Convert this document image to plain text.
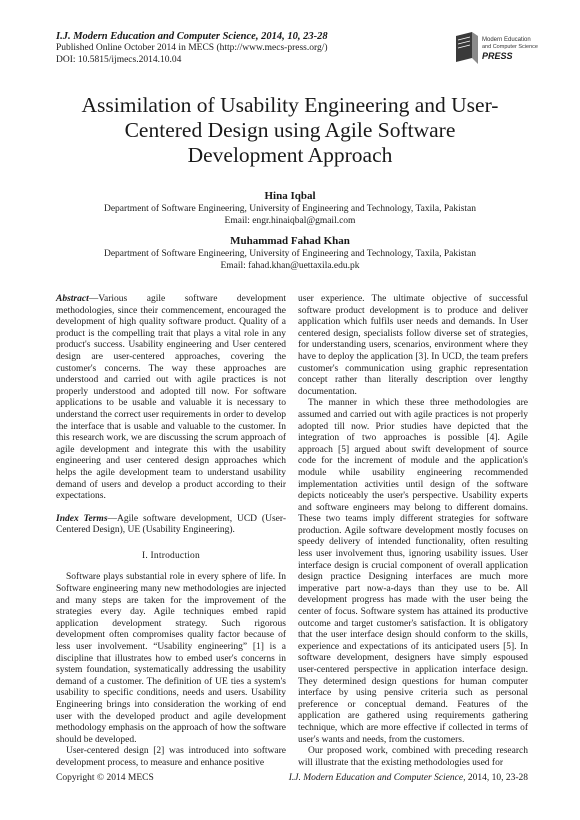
I.J. Modern Education and Computer Science, 2014, 10, 23-28
Published Online October 2014 in MECS (http://www.mecs-press.org/)
DOI: 10.5815/ijmecs.2014.10.04
Modern Education
and Computer Science
PRESS
Assimilation of Usability Engineering and User-
Centered Design using Agile Software
Development Approach
Hina Iqbal
Department of Software Engineering, University of Engineering and Technology, Taxila, Pakistan
Email: engr.hinaiqbal@gmail.com
Muhammad Fahad Khan
Department of Software Engineering, University of Engineering and Technology, Taxila, Pakistan
Email: fahad.khan@uettaxila.edu.pk

Abstract—Various agile software development methodologies, since their commencement, encouraged the development of high quality software product. Quality of a product is the compelling trait that plays a vital role in any product's success. Usability engineering and User centered design are user-centered approaches, covering the customer's concerns. The way these approaches are understood and carried out with agile practices is not properly understood and adopted till now. For software applications to be usable and valuable it is necessary to understand the correct user requirements in order to develop the interface that is usable and valuable to the customer. In this research work, we are discussing the scrum approach of agile development and integrate this with the usability engineering and user centered design approaches which helps the agile development team to understand usability demand of users and develop a product according to their expectations.

Index Terms—Agile software development, UCD (User-Centered Design), UE (Usability Engineering).

I. Introduction

Software plays substantial role in every sphere of life. In Software engineering many new methodologies are injected and many steps are taken for the improvement of the strategies every day. Agile techniques embed rapid application development strategy. Such rigorous development often compromises quality factor because of less user involvement. “Usability engineering” [1] is a discipline that illustrates how to embed user's concerns in system foundation, systematically addressing the usability demand of a customer. The definition of UE ties a system's usability to specific conditions, needs and users. Usability Engineering brings into consideration the working of end user with the developed product and agile development methodology emphasis on the approach of how the software should be developed.

User-centered design [2] was introduced into software development process, to measure and enhance positive

user experience. The ultimate objective of successful software product development is to produce and deliver application which fulfils user needs and demands. In User centered design, specialists follow diverse set of strategies, for understanding users, scenarios, environment where they have to deploy the application [3]. In UCD, the team prefers customer's communication using graphic representation concept rather than literally description over lengthy documentation.

The manner in which these three methodologies are assumed and carried out with agile practices is not properly adopted till now. Prior studies have depicted that the integration of two approaches is possible [4]. Agile approach [5] argued about swift development of source code for the increment of module and the application's module while usability engineering recommended implementation activities until design of the software depicts noticeably the user's perspective. Usability experts and software engineers may belong to different domains. These two teams imply different strategies for software production. Agile software development mostly focuses on speedy delivery of intended functionality, often resulting less user involvement thus, ignoring usability issues. User interface design is crucial component of overall application design practice Designing interfaces are much more imperative part now-a-days than they use to be. All development progress has made with the user being the center of focus. Software system has attained its productive outcome and target customer's satisfaction. It is obligatory that the user interface design should conform to the skills, experience and expectations of its anticipated users [5]. In software development, designers have simply espoused user-centered perspective in application interface design. They determined design questions for human computer interface by using pensive criteria such as personal preference or conceptual demand. Features of the application are gathered using requirements gathering technique, which are more effective if collected in terms of user's wants and needs, from the customers.

Our proposed work, combined with preceding research will illustrate that the existing methodologies used for

Copyright © 2014 MECS	I.J. Modern Education and Computer Science, 2014, 10, 23-28
